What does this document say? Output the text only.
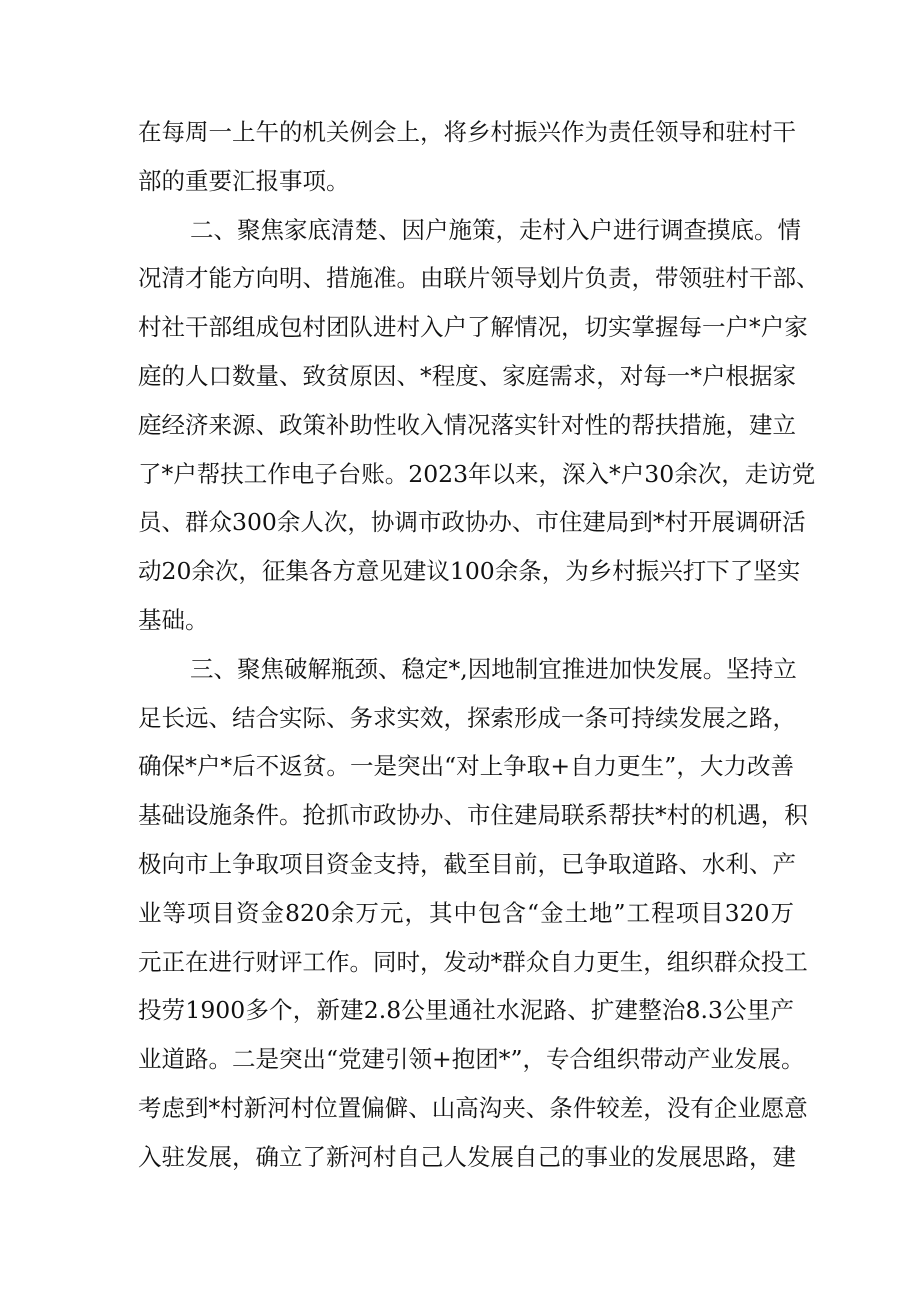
在每周一上午的机关例会上，将乡村振兴作为责任领导和驻村干
部的重要汇报事项。
二、聚焦家底清楚、因户施策，走村入户进行调查摸底。情
况清才能方向明、措施准。由联片领导划片负责，带领驻村干部、
村社干部组成包村团队进村入户了解情况，切实掌握每一户*户家
庭的人口数量、致贫原因、*程度、家庭需求，对每一*户根据家
庭经济来源、政策补助性收入情况落实针对性的帮扶措施，建立
了*户帮扶工作电子台账。2023年以来，深入*户30余次，走访党
员、群众300余人次，协调市政协办、市住建局到*村开展调研活
动20余次，征集各方意见建议100余条，为乡村振兴打下了坚实
基础。
三、聚焦破解瓶颈、稳定*,因地制宜推进加快发展。坚持立
足长远、结合实际、务求实效，探索形成一条可持续发展之路，
确保*户*后不返贫。一是突出“对上争取+自力更生”，大力改善
基础设施条件。抢抓市政协办、市住建局联系帮扶*村的机遇，积
极向市上争取项目资金支持，截至目前，已争取道路、水利、产
业等项目资金820余万元，其中包含“金土地”工程项目320万
元正在进行财评工作。同时，发动*群众自力更生，组织群众投工
投劳1900多个，新建2.8公里通社水泥路、扩建整治8.3公里产
业道路。二是突出“党建引领+抱团*”，专合组织带动产业发展。
考虑到*村新河村位置偏僻、山高沟夹、条件较差，没有企业愿意
入驻发展，确立了新河村自己人发展自己的事业的发展思路，建
